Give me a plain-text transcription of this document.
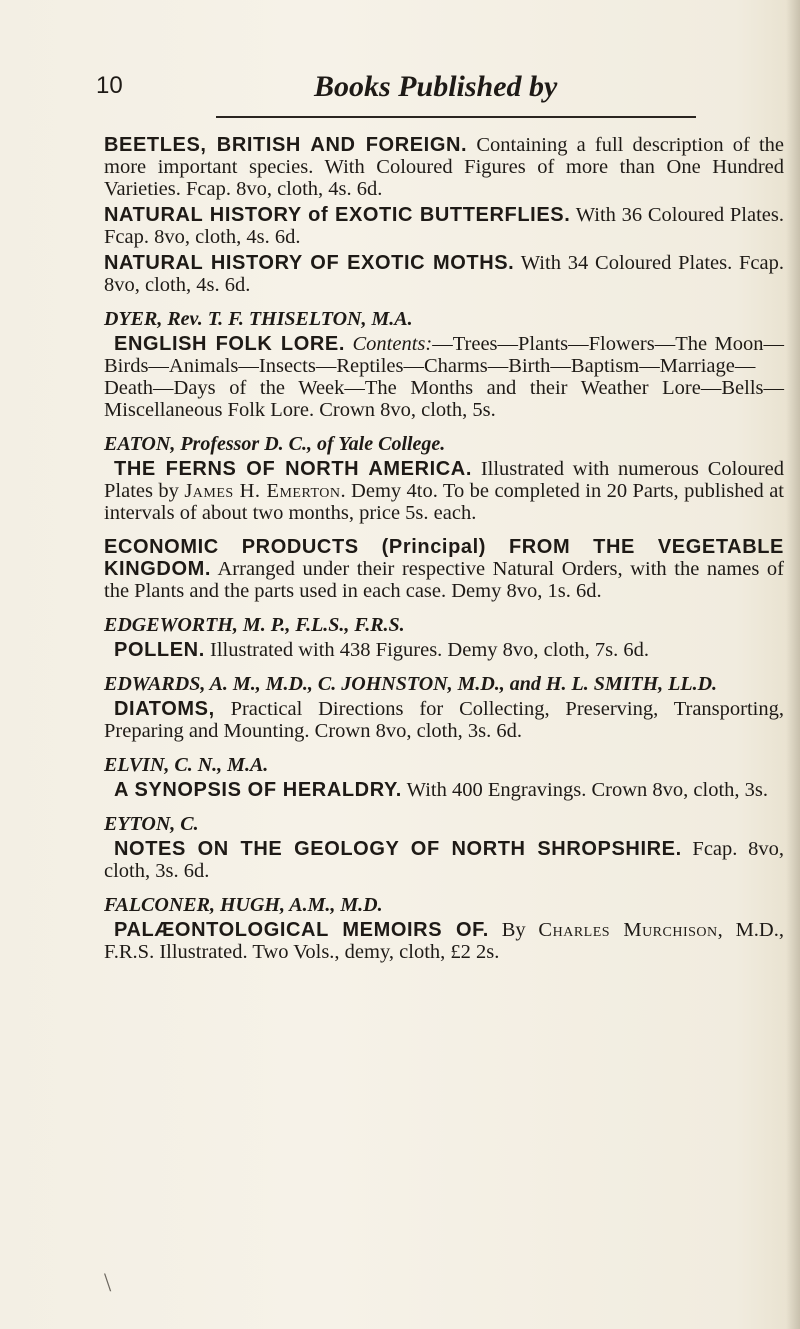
10	Books Published by

BEETLES, BRITISH AND FOREIGN. Containing a full description of the more important species. With Coloured Figures of more than One Hundred Varieties. Fcap. 8vo, cloth, 4s. 6d.

NATURAL HISTORY of EXOTIC BUTTERFLIES. With 36 Coloured Plates. Fcap. 8vo, cloth, 4s. 6d.

NATURAL HISTORY OF EXOTIC MOTHS. With 34 Coloured Plates. Fcap. 8vo, cloth, 4s. 6d.

DYER, Rev. T. F. THISELTON, M.A.

ENGLISH FOLK LORE. Contents:—Trees—Plants—Flowers—The Moon—Birds—Animals—Insects—Reptiles—Charms—Birth—Baptism—Marriage—Death—Days of the Week—The Months and their Weather Lore—Bells—Miscellaneous Folk Lore. Crown 8vo, cloth, 5s.

EATON, Professor D. C., of Yale College.

THE FERNS OF NORTH AMERICA. Illustrated with numerous Coloured Plates by James H. Emerton. Demy 4to. To be completed in 20 Parts, published at intervals of about two months, price 5s. each.

ECONOMIC PRODUCTS (Principal) FROM THE VEGETABLE KINGDOM. Arranged under their respective Natural Orders, with the names of the Plants and the parts used in each case. Demy 8vo, 1s. 6d.

EDGEWORTH, M. P., F.L.S., F.R.S.

POLLEN. Illustrated with 438 Figures. Demy 8vo, cloth, 7s. 6d.

EDWARDS, A. M., M.D., C. JOHNSTON, M.D., and H. L. SMITH, LL.D.

DIATOMS, Practical Directions for Collecting, Preserving, Transporting, Preparing and Mounting. Crown 8vo, cloth, 3s. 6d.

ELVIN, C. N., M.A.

A SYNOPSIS OF HERALDRY. With 400 Engravings. Crown 8vo, cloth, 3s.

EYTON, C.

NOTES ON THE GEOLOGY OF NORTH SHROPSHIRE. Fcap. 8vo, cloth, 3s. 6d.

FALCONER, HUGH, A.M., M.D.

PALÆONTOLOGICAL MEMOIRS OF. By Charles Murchison, M.D., F.R.S. Illustrated. Two Vols., demy, cloth, £2 2s.

\
